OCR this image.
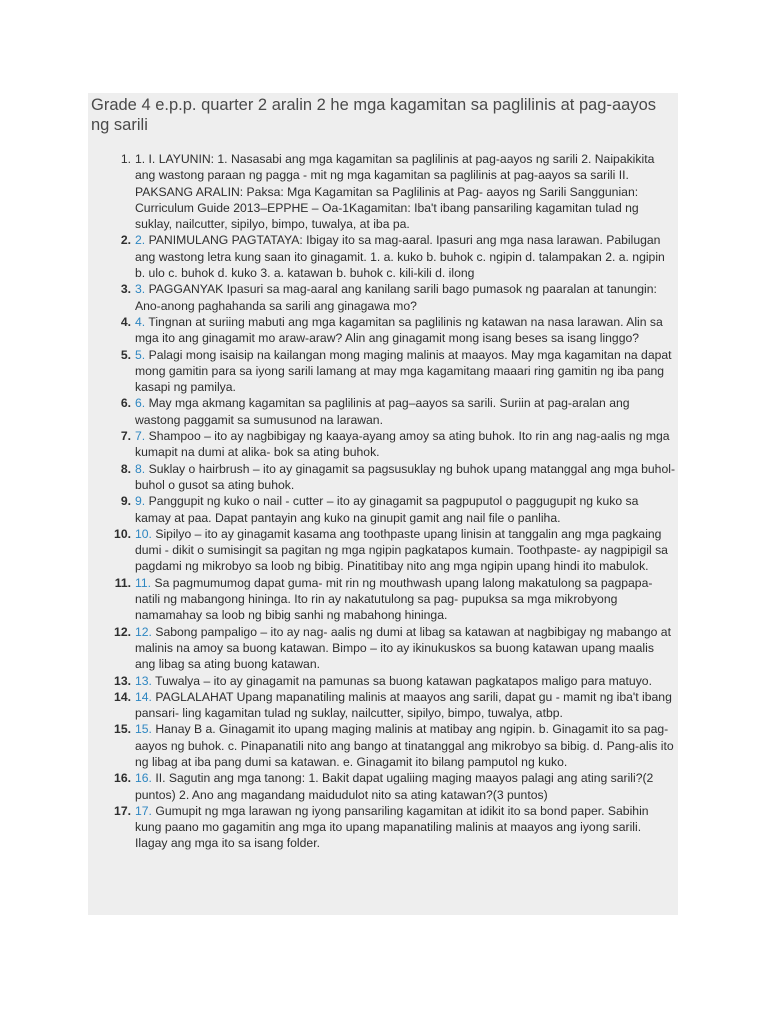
Grade 4 e.p.p. quarter 2 aralin 2 he mga kagamitan sa paglilinis at pag-aayos ng sarili
1. 1. I. LAYUNIN: 1. Nasasabi ang mga kagamitan sa paglilinis at pag-aayos ng sarili 2. Naipakikita ang wastong paraan ng pagga - mit ng mga kagamitan sa paglilinis at pag-aayos sa sarili II. PAKSANG ARALIN: Paksa: Mga Kagamitan sa Paglilinis at Pag- aayos ng Sarili Sanggunian: Curriculum Guide 2013–EPPHE – Oa-1Kagamitan: Iba't ibang pansariling kagamitan tulad ng suklay, nailcutter, sipilyo, bimpo, tuwalya, at iba pa.
2. 2. PANIMULANG PAGTATAYA: Ibigay ito sa mag-aaral. Ipasuri ang mga nasa larawan. Pabilugan ang wastong letra kung saan ito ginagamit. 1. a. kuko b. buhok c. ngipin d. talampakan 2. a. ngipin b. ulo c. buhok d. kuko 3. a. katawan b. buhok c. kili-kili d. ilong
3. 3. PAGGANYAK Ipasuri sa mag-aaral ang kanilang sarili bago pumasok ng paaralan at tanungin: Ano-anong paghahanda sa sarili ang ginagawa mo?
4. 4. Tingnan at suriing mabuti ang mga kagamitan sa paglilinis ng katawan na nasa larawan. Alin sa mga ito ang ginagamit mo araw-araw? Alin ang ginagamit mong isang beses sa isang linggo?
5. 5. Palagi mong isaisip na kailangan mong maging malinis at maayos. May mga kagamitan na dapat mong gamitin para sa iyong sarili lamang at may mga kagamitang maaari ring gamitin ng iba pang kasapi ng pamilya.
6. 6. May mga akmang kagamitan sa paglilinis at pag–aayos sa sarili. Suriin at pag-aralan ang wastong paggamit sa sumusunod na larawan.
7. 7. Shampoo – ito ay nagbibigay ng kaaya-ayang amoy sa ating buhok. Ito rin ang nag-aalis ng mga kumapit na dumi at alika- bok sa ating buhok.
8. 8. Suklay o hairbrush – ito ay ginagamit sa pagsusuklay ng buhok upang matanggal ang mga buhol-buhol o gusot sa ating buhok.
9. 9. Panggupit ng kuko o nail - cutter – ito ay ginagamit sa pagpuputol o paggugupit ng kuko sa kamay at paa. Dapat pantayin ang kuko na ginupit gamit ang nail file o panliha.
10. 10. Sipilyo – ito ay ginagamit kasama ang toothpaste upang linisin at tanggalin ang mga pagkaing dumi - dikit o sumisingit sa pagitan ng mga ngipin pagkatapos kumain. Toothpaste- ay nagpipigil sa pagdami ng mikrobyo sa loob ng bibig. Pinatitibay nito ang mga ngipin upang hindi ito mabulok.
11. 11. Sa pagmumumog dapat guma- mit rin ng mouthwash upang lalong makatulong sa pagpapa- natili ng mabangong hininga. Ito rin ay nakatutulong sa pag- pupuksa sa mga mikrobyong namamahay sa loob ng bibig sanhi ng mabahong hininga.
12. 12. Sabong pampaligo – ito ay nag- aalis ng dumi at libag sa katawan at nagbibigay ng mabango at malinis na amoy sa buong katawan. Bimpo – ito ay ikinukuskos sa buong katawan upang maalis ang libag sa ating buong katawan.
13. 13. Tuwalya – ito ay ginagamit na pamunas sa buong katawan pagkatapos maligo para matuyo.
14. 14. PAGLALAHAT Upang mapanatiling malinis at maayos ang sarili, dapat gu - mamit ng iba't ibang pansari- ling kagamitan tulad ng suklay, nailcutter, sipilyo, bimpo, tuwalya, atbp.
15. 15. Hanay B a. Ginagamit ito upang maging malinis at matibay ang ngipin. b. Ginagamit ito sa pag-aayos ng buhok. c. Pinapanatili nito ang bango at tinatanggal ang mikrobyo sa bibig. d. Pang-alis ito ng libag at iba pang dumi sa katawan. e. Ginagamit ito bilang pamputol ng kuko.
16. 16. II. Sagutin ang mga tanong: 1. Bakit dapat ugaliing maging maayos palagi ang ating sarili?(2 puntos) 2. Ano ang magandang maidudulot nito sa ating katawan?(3 puntos)
17. 17. Gumupit ng mga larawan ng iyong pansariling kagamitan at idikit ito sa bond paper. Sabihin kung paano mo gagamitin ang mga ito upang mapanatiling malinis at maayos ang iyong sarili. Ilagay ang mga ito sa isang folder.
